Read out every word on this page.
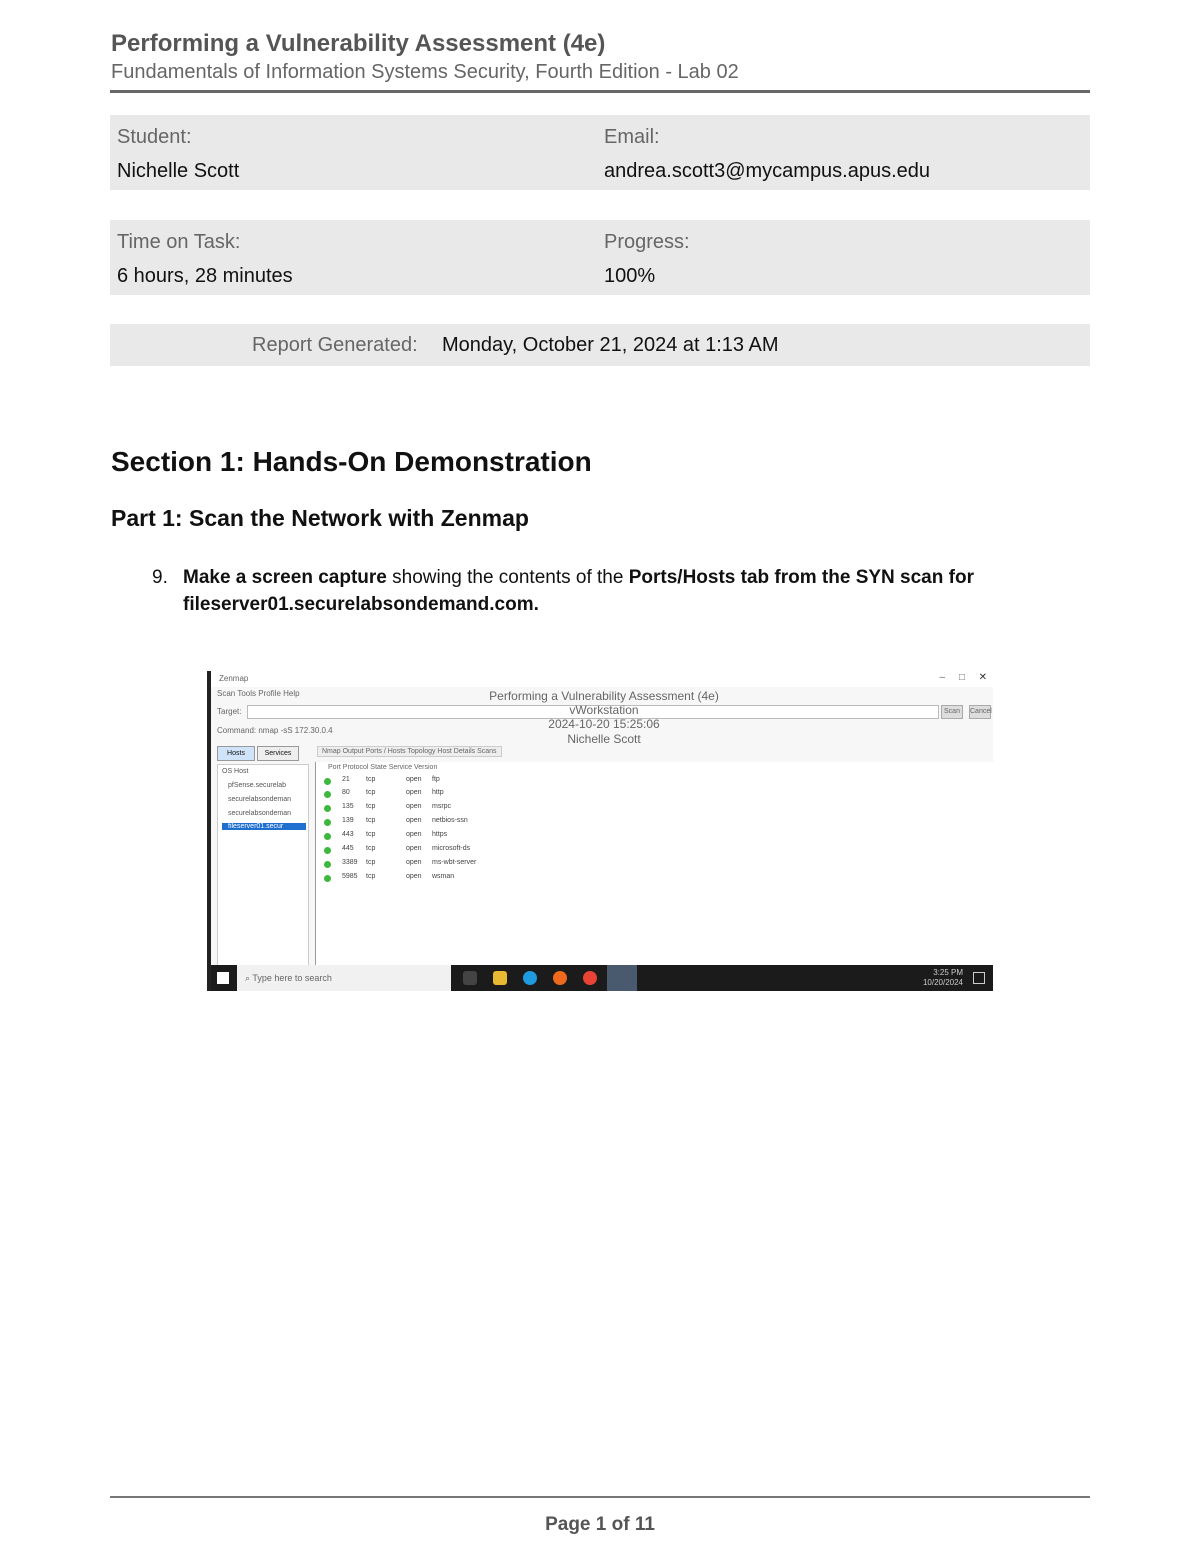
Performing a Vulnerability Assessment (4e)
Fundamentals of Information Systems Security, Fourth Edition - Lab 02
Student:
Nichelle Scott
Email:
andrea.scott3@mycampus.apus.edu
Time on Task:
6 hours, 28 minutes
Progress:
100%
Report Generated: Monday, October 21, 2024 at 1:13 AM
Section 1: Hands-On Demonstration
Part 1: Scan the Network with Zenmap
9. Make a screen capture showing the contents of the Ports/Hosts tab from the SYN scan for fileserver01.securelabsondemand.com.
Zenmap	– □ ✕
Scan Tools Profile Help
Target:	Scan	Cancel
Command: nmap -sS 172.30.0.4
Performing a Vulnerability Assessment (4e)
vWorkstation
2024-10-20 15:25:06
Nichelle Scott
Hosts	Services
OS Host
pfSense.securelab
securelabsondeman
securelabsondeman
fileserver01.secur
Nmap Output Ports / Hosts Topology Host Details Scans
Port Protocol State Service Version
21 tcp	open ftp
80 tcp	open http
135 tcp	open msrpc
139 tcp	open netbios-ssn
443 tcp	open https
445 tcp	open microsoft-ds
3389 tcp	open ms-wbt-server
5985 tcp	open wsman
⌕ Type here to search
3:25 PM
10/20/2024
Page 1 of 11
